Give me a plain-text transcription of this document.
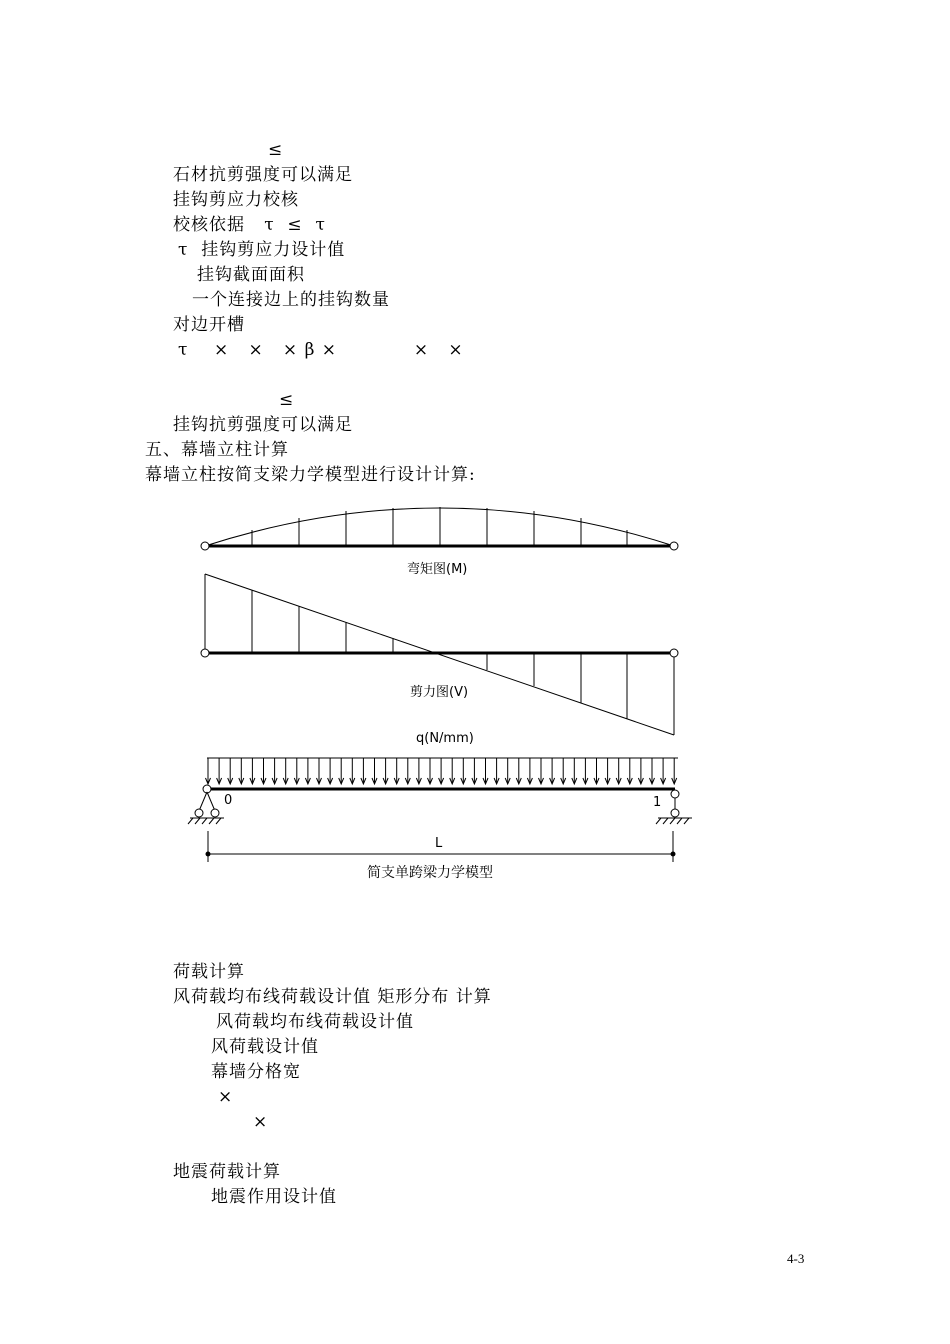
≤
石材抗剪强度可以满足
挂钩剪应力校核
校核依据   τ  ≤  τ
τ  挂钩剪应力设计值
挂钩截面面积
一个连接边上的挂钩数量
对边开槽
τ    ×   ×   × β ×            ×   ×
≤
挂钩抗剪强度可以满足
五、幕墙立柱计算
幕墙立柱按简支梁力学模型进行设计计算:
弯矩图(M)
剪力图(V)
q(N/mm)
0	1
L
简支单跨梁力学模型
荷载计算
风荷载均布线荷载设计值 矩形分布 计算
风荷载均布线荷载设计值
风荷载设计值
幕墙分格宽
×
×
地震荷载计算
地震作用设计值
4-3
